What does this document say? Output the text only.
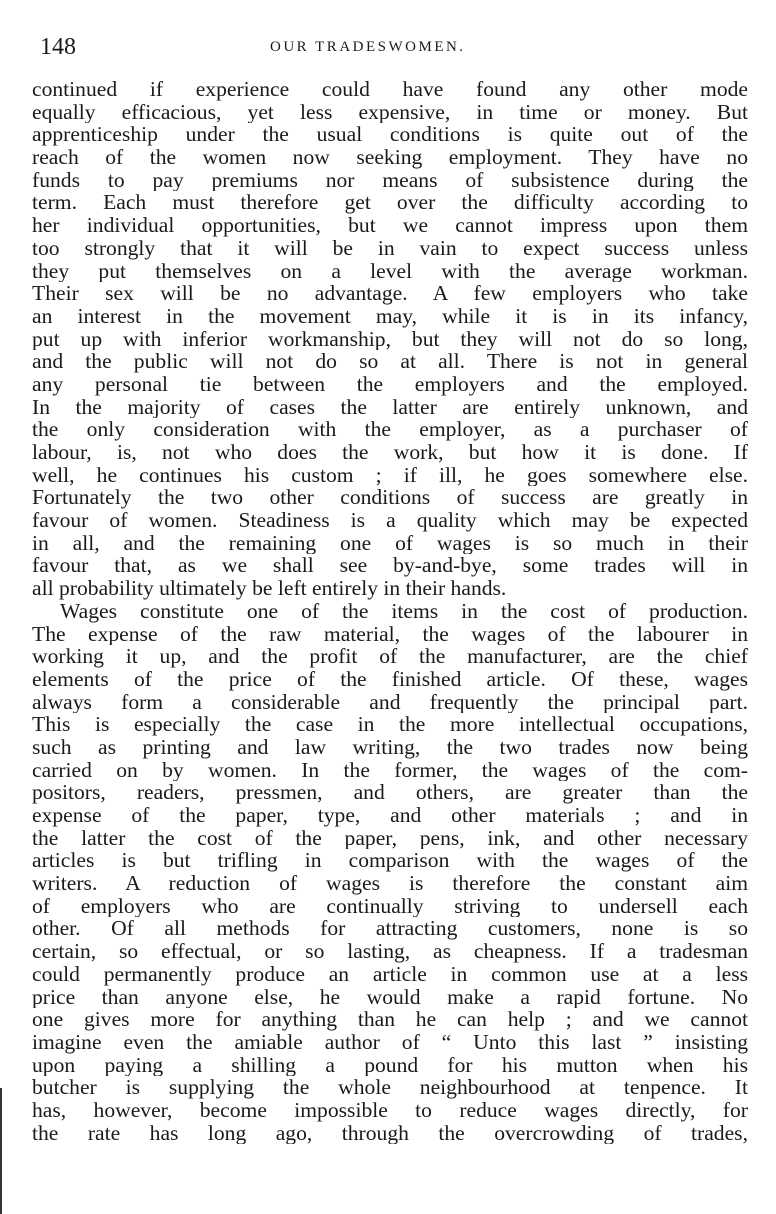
148	OUR TRADESWOMEN.
continued if experience could have found any other mode
equally efficacious, yet less expensive, in time or money. But
apprenticeship under the usual conditions is quite out of the
reach of the women now seeking employment. They have no
funds to pay premiums nor means of subsistence during the
term. Each must therefore get over the difficulty according to
her individual opportunities, but we cannot impress upon them
too strongly that it will be in vain to expect success unless
they put themselves on a level with the average workman.
Their sex will be no advantage. A few employers who take
an interest in the movement may, while it is in its infancy,
put up with inferior workmanship, but they will not do so long,
and the public will not do so at all. There is not in general
any personal tie between the employers and the employed.
In the majority of cases the latter are entirely unknown, and
the only consideration with the employer, as a purchaser of
labour, is, not who does the work, but how it is done. If
well, he continues his custom ; if ill, he goes somewhere else.
Fortunately the two other conditions of success are greatly in
favour of women. Steadiness is a quality which may be expected
in all, and the remaining one of wages is so much in their
favour that, as we shall see by-and-bye, some trades will in
all probability ultimately be left entirely in their hands.
Wages constitute one of the items in the cost of production.
The expense of the raw material, the wages of the labourer in
working it up, and the profit of the manufacturer, are the chief
elements of the price of the finished article. Of these, wages
always form a considerable and frequently the principal part.
This is especially the case in the more intellectual occupations,
such as printing and law writing, the two trades now being
carried on by women. In the former, the wages of the com-
positors, readers, pressmen, and others, are greater than the
expense of the paper, type, and other materials ; and in
the latter the cost of the paper, pens, ink, and other necessary
articles is but trifling in comparison with the wages of the
writers. A reduction of wages is therefore the constant aim
of employers who are continually striving to undersell each
other. Of all methods for attracting customers, none is so
certain, so effectual, or so lasting, as cheapness. If a tradesman
could permanently produce an article in common use at a less
price than anyone else, he would make a rapid fortune. No
one gives more for anything than he can help ; and we cannot
imagine even the amiable author of “ Unto this last ” insisting
upon paying a shilling a pound for his mutton when his
butcher is supplying the whole neighbourhood at tenpence. It
has, however, become impossible to reduce wages directly, for
the rate has long ago, through the overcrowding of trades,
